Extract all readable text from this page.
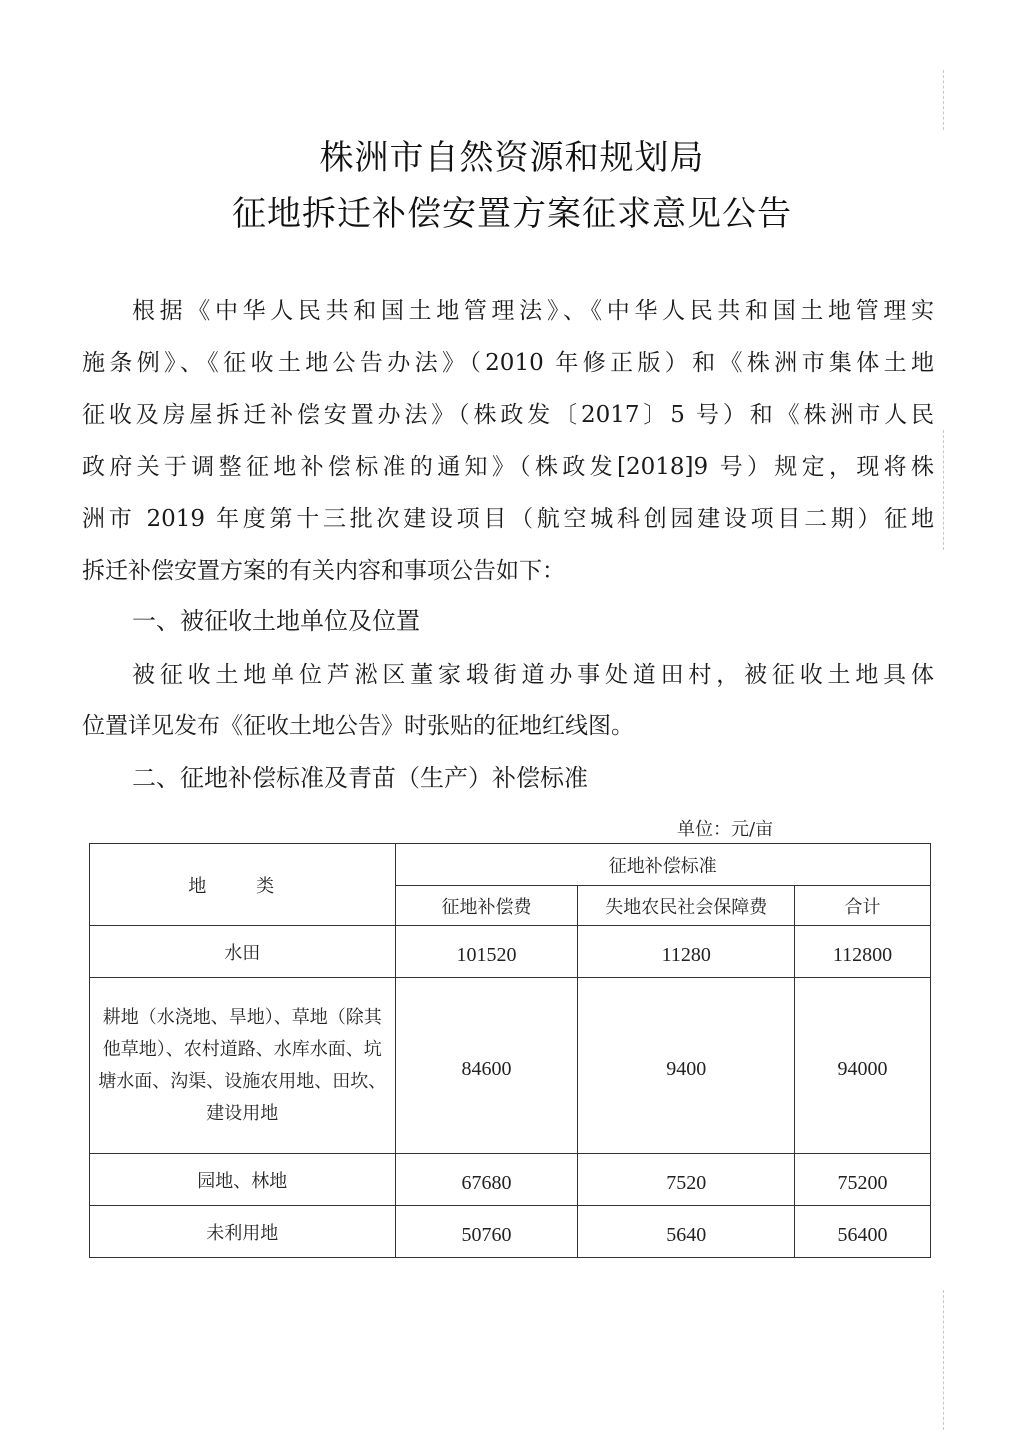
株洲市自然资源和规划局
征地拆迁补偿安置方案征求意见公告
根据《中华人民共和国土地管理法》、《中华人民共和国土地管理实
施条例》、《征收土地公告办法》（2010 年修正版）和《株洲市集体土地
征收及房屋拆迁补偿安置办法》（株政发〔2017〕5 号）和《株洲市人民
政府关于调整征地补偿标准的通知》（株政发[2018]9 号）规定，现将株
洲市 2019 年度第十三批次建设项目（航空城科创园建设项目二期）征地
拆迁补偿安置方案的有关内容和事项公告如下：
一、被征收土地单位及位置
被征收土地单位芦淞区董家塅街道办事处道田村，被征收土地具体
位置详见发布《征收土地公告》时张贴的征地红线图。
二、征地补偿标准及青苗（生产）补偿标准
单位：元/亩
地 类	征地补偿标准		
	征地补偿费	失地农民社会保障费	合计
水田	101520	11280	112800
耕地（水浇地、旱地）、草地（除其他草地）、农村道路、水库水面、坑塘水面、沟渠、设施农用地、田坎、建设用地	84600	9400	94000
园地、林地	67680	7520	75200
未利用地	50760	5640	56400
